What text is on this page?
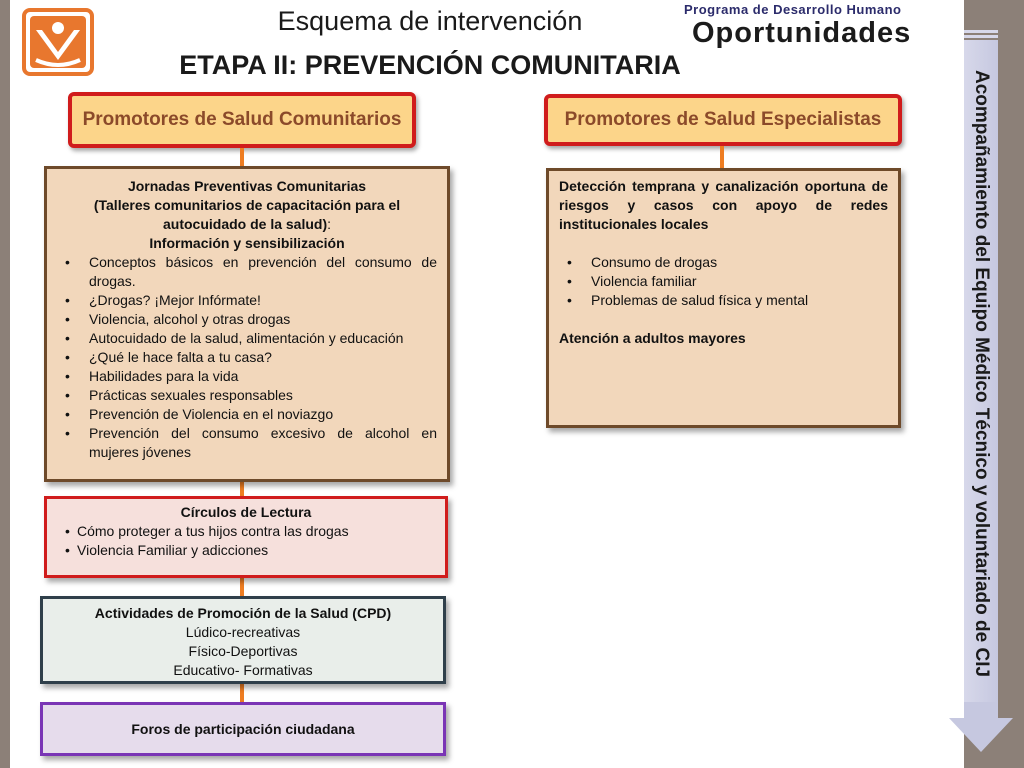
Esquema de intervención
ETAPA II: PREVENCIÓN COMUNITARIA
Programa de Desarrollo Humano
Oportunidades
Promotores de Salud Comunitarios	Promotores de Salud Especialistas
Jornadas Preventivas Comunitarias
(Talleres comunitarios de capacitación para el autocuidado de la salud):
Información y sensibilización
• Conceptos básicos en prevención del consumo de drogas.
• ¿Drogas? ¡Mejor Infórmate!
• Violencia, alcohol y otras drogas
• Autocuidado de la salud, alimentación y educación
• ¿Qué le hace falta a tu casa?
• Habilidades para la vida
• Prácticas sexuales responsables
• Prevención de Violencia en el noviazgo
• Prevención del consumo excesivo de alcohol en mujeres jóvenes
Círculos de Lectura
• Cómo proteger a tus hijos contra las drogas
• Violencia Familiar y adicciones
Actividades de Promoción de la Salud (CPD)
Lúdico-recreativas
Físico-Deportivas
Educativo- Formativas
Foros de participación ciudadana
Detección temprana y canalización oportuna de riesgos y casos con apoyo de redes institucionales locales
• Consumo de drogas
• Violencia familiar
• Problemas de salud física y mental
Atención a adultos mayores	Acompañamiento del Equipo Médico Técnico y voluntariado de CIJ
